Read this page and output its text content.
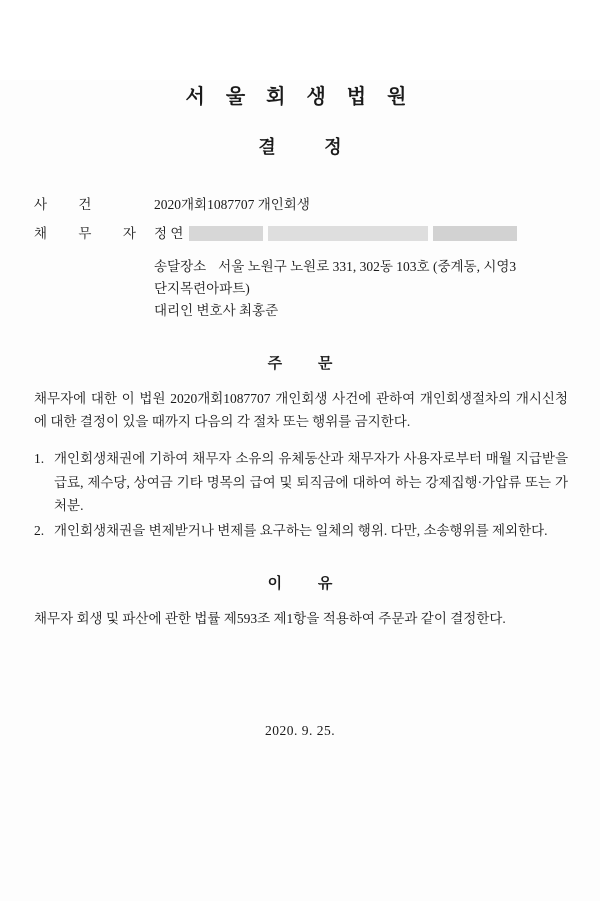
서 울 회 생 법 원
결 정
사 건	2020개회1087707 개인회생
채 무 자 정 연
송달장소 서울 노원구 노원로 331, 302동 103호 (중계동, 시영3
단지목련아파트)
대리인 변호사 최홍준
주 문
채무자에 대한 이 법원 2020개회1087707 개인회생 사건에 관하여 개인회생절차의 개시신청에 대한 결정이 있을 때까지 다음의 각 절차 또는 행위를 금지한다.
1. 개인회생채권에 기하여 채무자 소유의 유체동산과 채무자가 사용자로부터 매월 지급받을 급료, 제수당, 상여금 기타 명목의 급여 및 퇴직금에 대하여 하는 강제집행·가압류 또는 가처분.
2. 개인회생채권을 변제받거나 변제를 요구하는 일체의 행위. 다만, 소송행위를 제외한다.
이 유
채무자 회생 및 파산에 관한 법률 제593조 제1항을 적용하여 주문과 같이 결정한다.
2020. 9. 25.
